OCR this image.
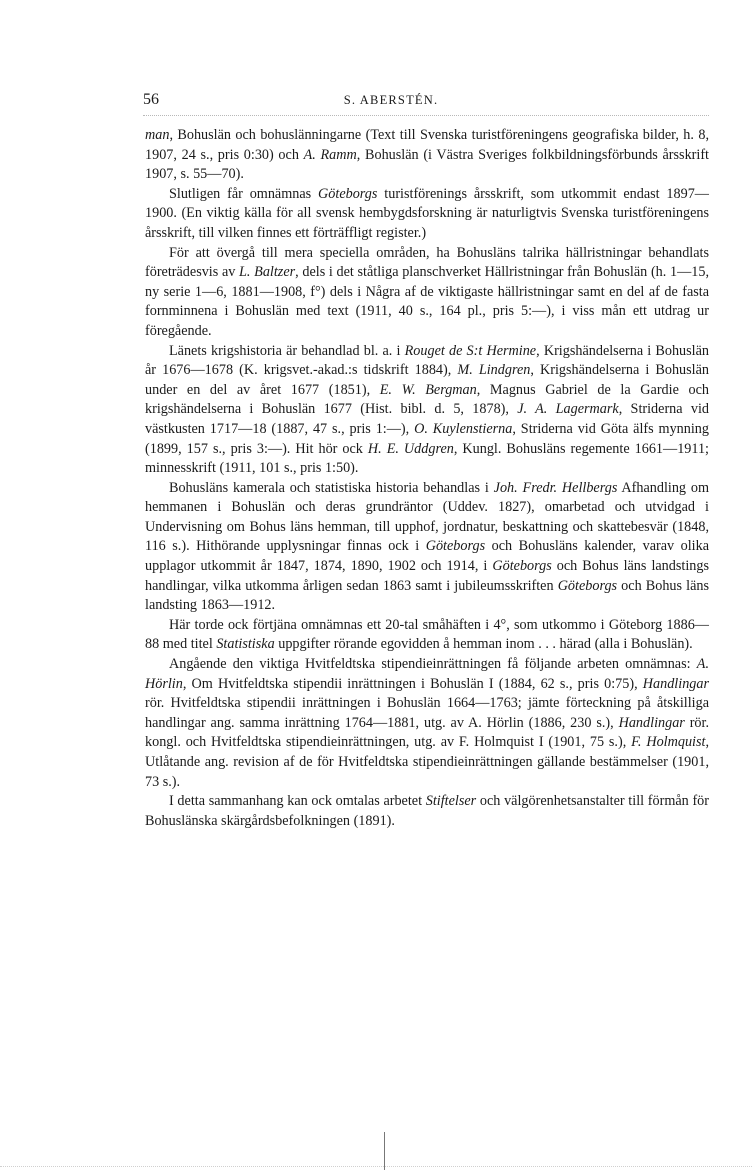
56	S. ABERSTÉN.

man, Bohuslän och bohuslänningarne (Text till Svenska turistföreningens geografiska bilder, h. 8, 1907, 24 s., pris 0:30) och A. Ramm, Bohuslän (i Västra Sveriges folkbildningsförbunds årsskrift 1907, s. 55—70).

Slutligen får omnämnas Göteborgs turistförenings årsskrift, som utkommit endast 1897—1900. (En viktig källa för all svensk hembygdsforskning är naturligtvis Svenska turistföreningens årsskrift, till vilken finnes ett förträffligt register.)

För att övergå till mera speciella områden, ha Bohusläns talrika hällristningar behandlats företrädesvis av L. Baltzer, dels i det ståtliga planschverket Hällristningar från Bohuslän (h. 1—15, ny serie 1—6, 1881—1908, f°) dels i Några af de viktigaste hällristningar samt en del af de fasta fornminnena i Bohuslän med text (1911, 40 s., 164 pl., pris 5:—), i viss mån ett utdrag ur föregående.

Länets krigshistoria är behandlad bl. a. i Rouget de S:t Hermine, Krigshändelserna i Bohuslän år 1676—1678 (K. krigsvet.-akad.:s tidskrift 1884), M. Lindgren, Krigshändelserna i Bohuslän under en del av året 1677 (1851), E. W. Bergman, Magnus Gabriel de la Gardie och krigshändelserna i Bohuslän 1677 (Hist. bibl. d. 5, 1878), J. A. Lagermark, Striderna vid västkusten 1717—18 (1887, 47 s., pris 1:—), O. Kuylenstierna, Striderna vid Göta älfs mynning (1899, 157 s., pris 3:—). Hit hör ock H. E. Uddgren, Kungl. Bohusläns regemente 1661—1911; minnesskrift (1911, 101 s., pris 1:50).

Bohusläns kamerala och statistiska historia behandlas i Joh. Fredr. Hellbergs Afhandling om hemmanen i Bohuslän och deras grundräntor (Uddev. 1827), omarbetad och utvidgad i Undervisning om Bohus läns hemman, till upphof, jordnatur, beskattning och skattebesvär (1848, 116 s.). Hithörande upplysningar finnas ock i Göteborgs och Bohusläns kalender, varav olika upplagor utkommit år 1847, 1874, 1890, 1902 och 1914, i Göteborgs och Bohus läns landstings handlingar, vilka utkomma årligen sedan 1863 samt i jubileumsskriften Göteborgs och Bohus läns landsting 1863—1912.

Här torde ock förtjäna omnämnas ett 20-tal småhäften i 4°, som utkommo i Göteborg 1886—88 med titel Statistiska uppgifter rörande egovidden å hemman inom . . . härad (alla i Bohuslän).

Angående den viktiga Hvitfeldtska stipendieinrättningen få följande arbeten omnämnas: A. Hörlin, Om Hvitfeldtska stipendii inrättningen i Bohuslän I (1884, 62 s., pris 0:75), Handlingar rör. Hvitfeldtska stipendii inrättningen i Bohuslän 1664—1763; jämte förteckning på åtskilliga handlingar ang. samma inrättning 1764—1881, utg. av A. Hörlin (1886, 230 s.), Handlingar rör. kongl. och Hvitfeldtska stipendieinrättningen, utg. av F. Holmquist I (1901, 75 s.), F. Holmquist, Utlåtande ang. revision af de för Hvitfeldtska stipendieinrättningen gällande bestämmelser (1901, 73 s.).

I detta sammanhang kan ock omtalas arbetet Stiftelser och välgörenhetsanstalter till förmån för Bohuslänska skärgårdsbefolkningen (1891).
